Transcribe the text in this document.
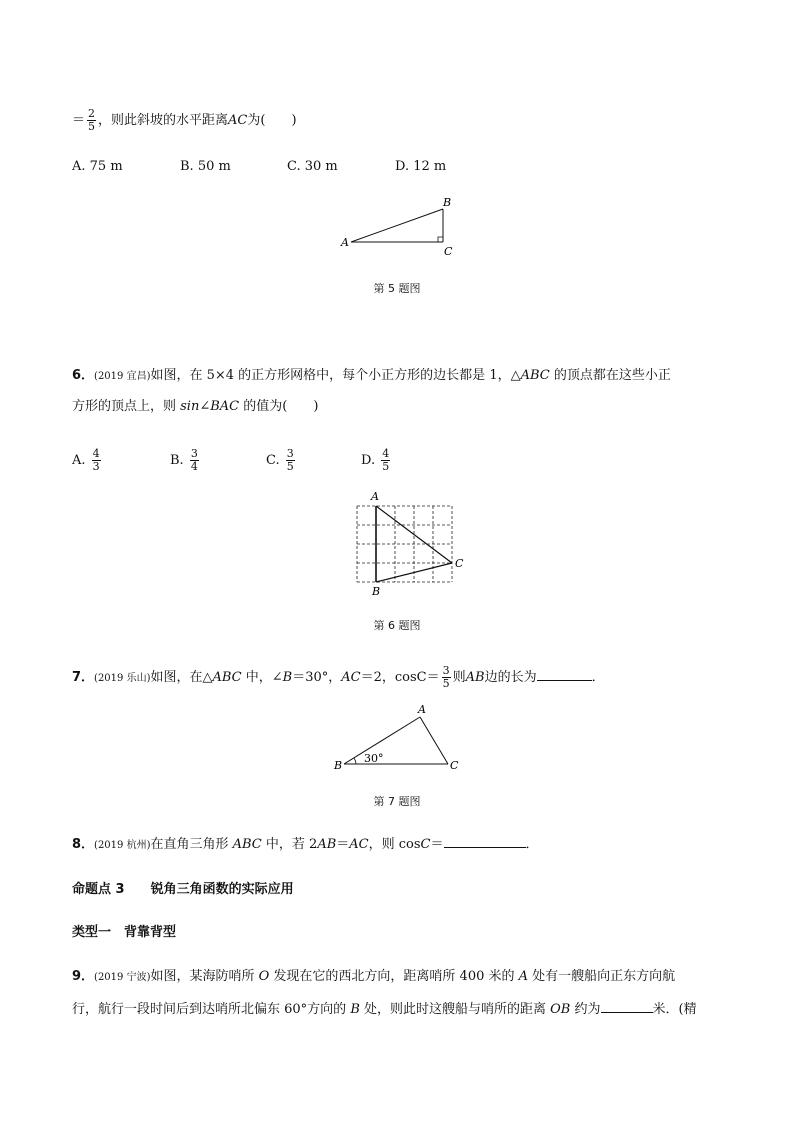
＝ $\frac{2}{5}$ ，则此斜坡的水平距离AC为(　　)
A. 75 m	B. 50 m	C. 30 m	D. 12 m
A
B
C
第 5 题图
6．(2019 宜昌)如图，在 5×4 的正方形网格中，每个小正方形的边长都是 1，△ABC 的顶点都在这些小正
方形的顶点上，则 sin∠BAC 的值为(　　)
A. $\frac{4}{3}$	B. $\frac{3}{4}$	C. $\frac{3}{5}$	D. $\frac{4}{5}$
A
B
C
第 6 题图
7．(2019 乐山)如图，在△ABC 中，∠B＝30°，AC＝2，$\cos C= \frac{3}{5}$ 则AB边的长为	．
B
A
C
30°
第 7 题图
8．(2019 杭州)在直角三角形 ABC 中，若 2AB＝AC，则 cosC＝	．
命题点 3　　锐角三角函数的实际应用
类型一　背靠背型
9．(2019 宁波)如图，某海防哨所 O 发现在它的西北方向，距离哨所 400 米的 A 处有一艘船向正东方向航
行，航行一段时间后到达哨所北偏东 60°方向的 B 处，则此时这艘船与哨所的距离 OB 约为	米．(精
